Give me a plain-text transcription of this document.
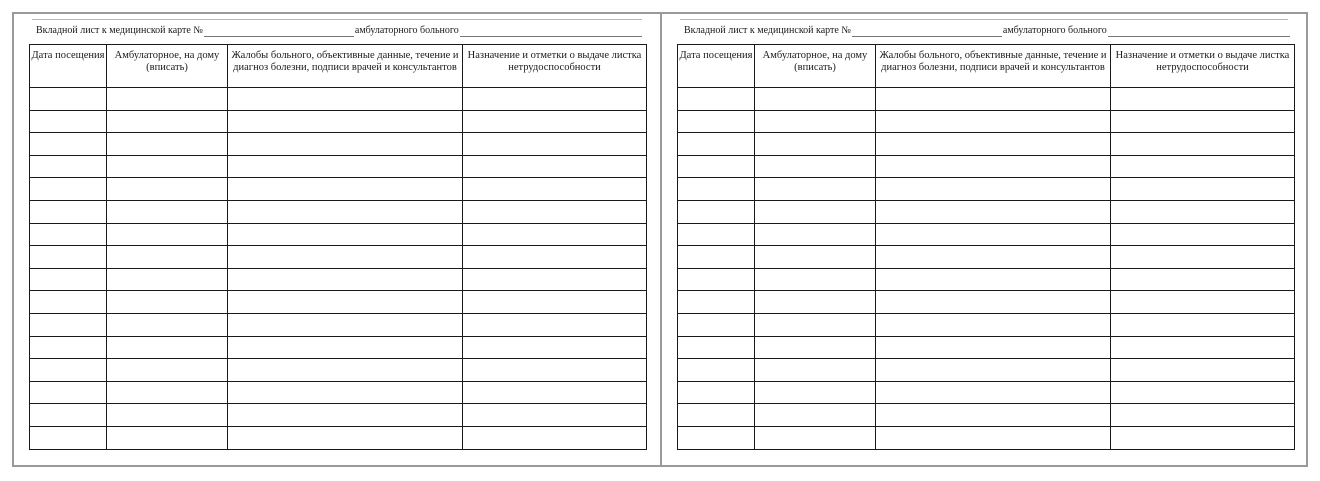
Вкладной лист к медицинской карте №	амбулаторного больного
Дата посещения	Амбулаторное, на дому (вписать)	Жалобы больного, объективные данные, течение и диагноз болезни, подписи врачей и консультантов	Назначение и отметки о выдаче листка нетрудоспособности

Вкладной лист к медицинской карте №	амбулаторного больного
Дата посещения	Амбулаторное, на дому (вписать)	Жалобы больного, объективные данные, течение и диагноз болезни, подписи врачей и консультантов	Назначение и отметки о выдаче листка нетрудоспособности
